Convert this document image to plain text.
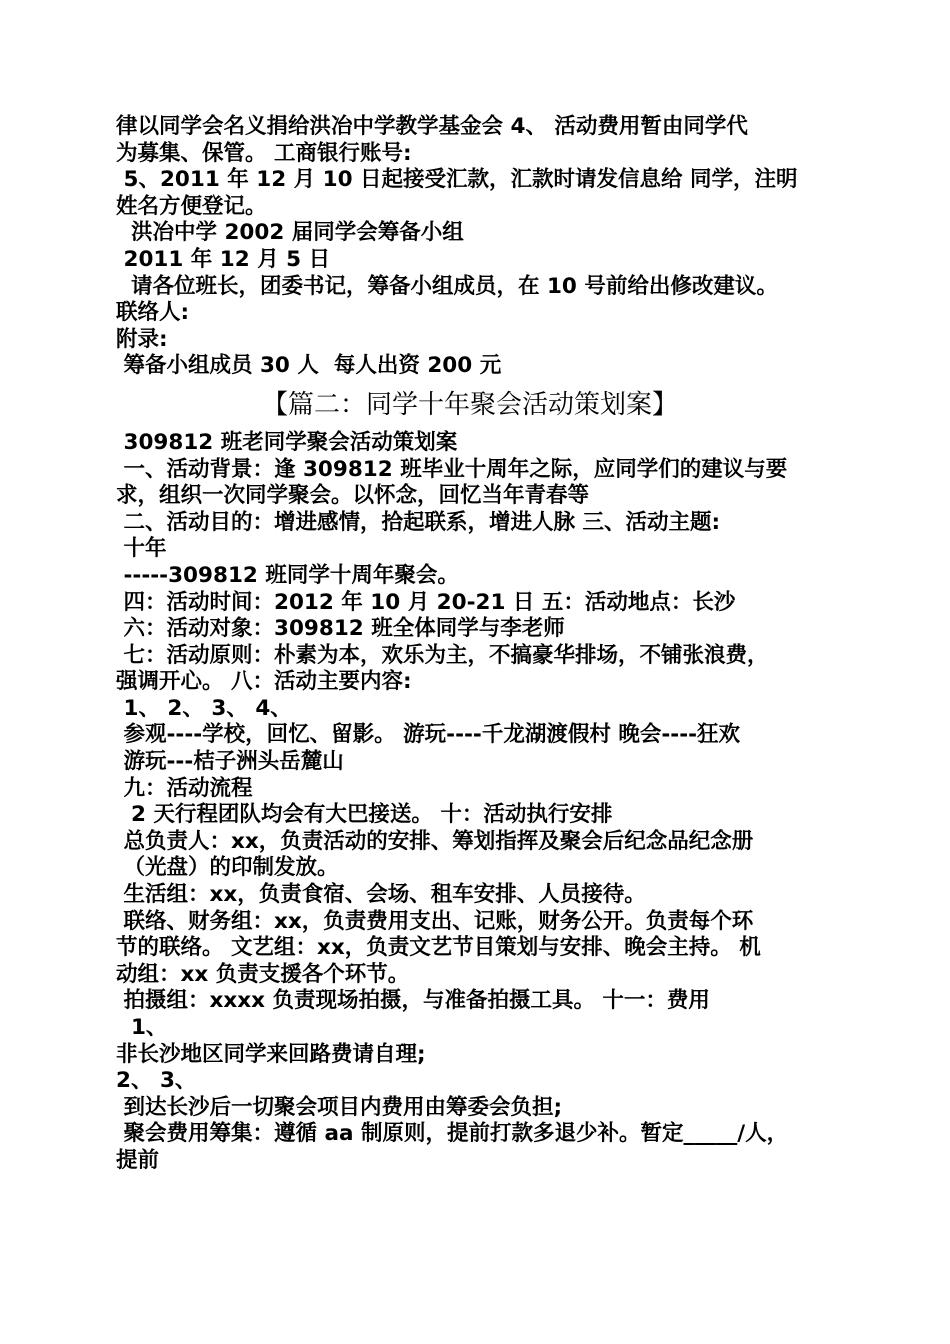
律以同学会名义捐给洪冶中学教学基金会 4、 活动费用暂由同学代
为募集、保管。 工商银行账号:
5、2011 年 12 月 10 日起接受汇款，汇款时请发信息给 同学，注明
姓名方便登记。
洪冶中学 2002 届同学会筹备小组
2011 年 12 月 5 日
请各位班长，团委书记，筹备小组成员，在 10 号前给出修改建议。
联络人:
附录:
筹备小组成员 30 人  每人出资 200 元
【篇二：同学十年聚会活动策划案】
309812 班老同学聚会活动策划案
一、活动背景：逢 309812 班毕业十周年之际，应同学们的建议与要
求，组织一次同学聚会。以怀念，回忆当年青春等
二、活动目的：增进感情，拾起联系，增进人脉 三、活动主题:
十年
-----309812 班同学十周年聚会。
四：活动时间：2012 年 10 月 20-21 日 五：活动地点：长沙
六：活动对象：309812 班全体同学与李老师
七：活动原则：朴素为本，欢乐为主，不搞豪华排场，不铺张浪费，
强调开心。 八：活动主要内容:
1、 2、 3、 4、
参观----学校，回忆、留影。 游玩----千龙湖渡假村 晚会----狂欢
游玩---桔子洲头岳麓山
九：活动流程
2 天行程团队均会有大巴接送。 十：活动执行安排
总负责人：xx，负责活动的安排、筹划指挥及聚会后纪念品纪念册
（光盘）的印制发放。
生活组：xx，负责食宿、会场、租车安排、人员接待。
联络、财务组：xx，负责费用支出、记账，财务公开。负责每个环
节的联络。 文艺组：xx，负责文艺节目策划与安排、晚会主持。 机
动组：xx 负责支援各个环节。
拍摄组：xxxx 负责现场拍摄，与准备拍摄工具。 十一：费用
1、
非长沙地区同学来回路费请自理;
2、 3、
到达长沙后一切聚会项目内费用由筹委会负担;
聚会费用筹集：遵循 aa 制原则，提前打款多退少补。暂定_____/人，
提前
